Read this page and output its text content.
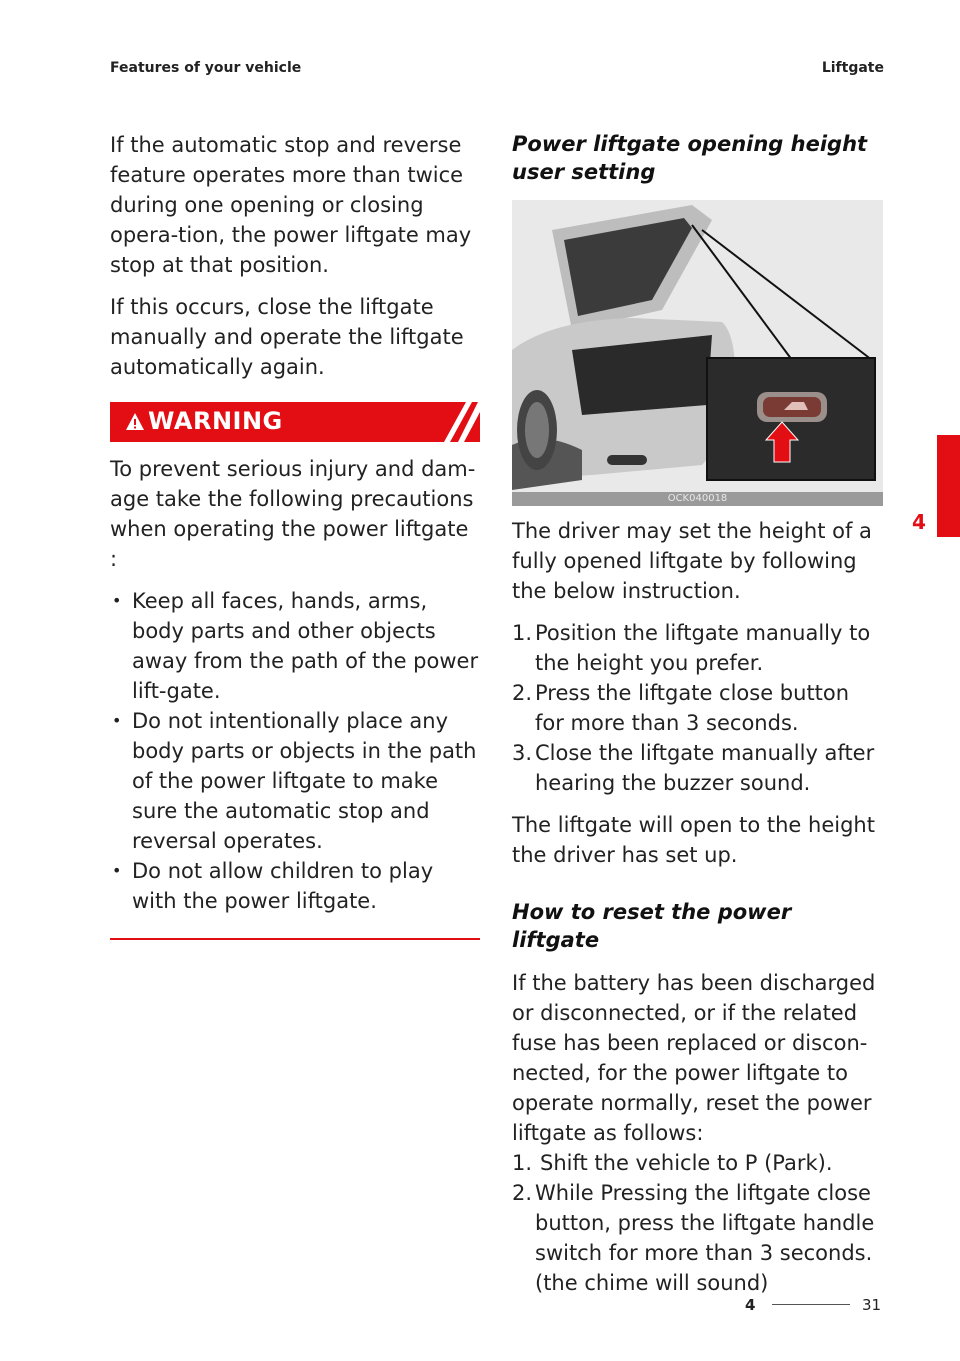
Features of your vehicle	Liftgate

If the automatic stop and reverse feature operates more than twice during one opening or closing opera-tion, the power liftgate may stop at that position.

If this occurs, close the liftgate manually and operate the liftgate automatically again.

WARNING

To prevent serious injury and dam-age take the following precautions when operating the power liftgate :

• Keep all faces, hands, arms, body parts and other objects away from the path of the power lift-gate.
• Do not intentionally place any body parts or objects in the path of the power liftgate to make sure the automatic stop and reversal operates.
• Do not allow children to play with the power liftgate.
Power liftgate opening height user setting
OCK040018

The driver may set the height of a fully opened liftgate by following the below instruction.

1. Position the liftgate manually to the height you prefer.
2. Press the liftgate close button for more than 3 seconds.
3. Close the liftgate manually after hearing the buzzer sound.

The liftgate will open to the height the driver has set up.

How to reset the power liftgate

If the battery has been discharged or disconnected, or if the related fuse has been replaced or discon-nected, for the power liftgate to operate normally, reset the power liftgate as follows:

1. Shift the vehicle to P (Park).
2. While Pressing the liftgate close button, press the liftgate handle switch for more than 3 seconds. (the chime will sound)
4
4	31
